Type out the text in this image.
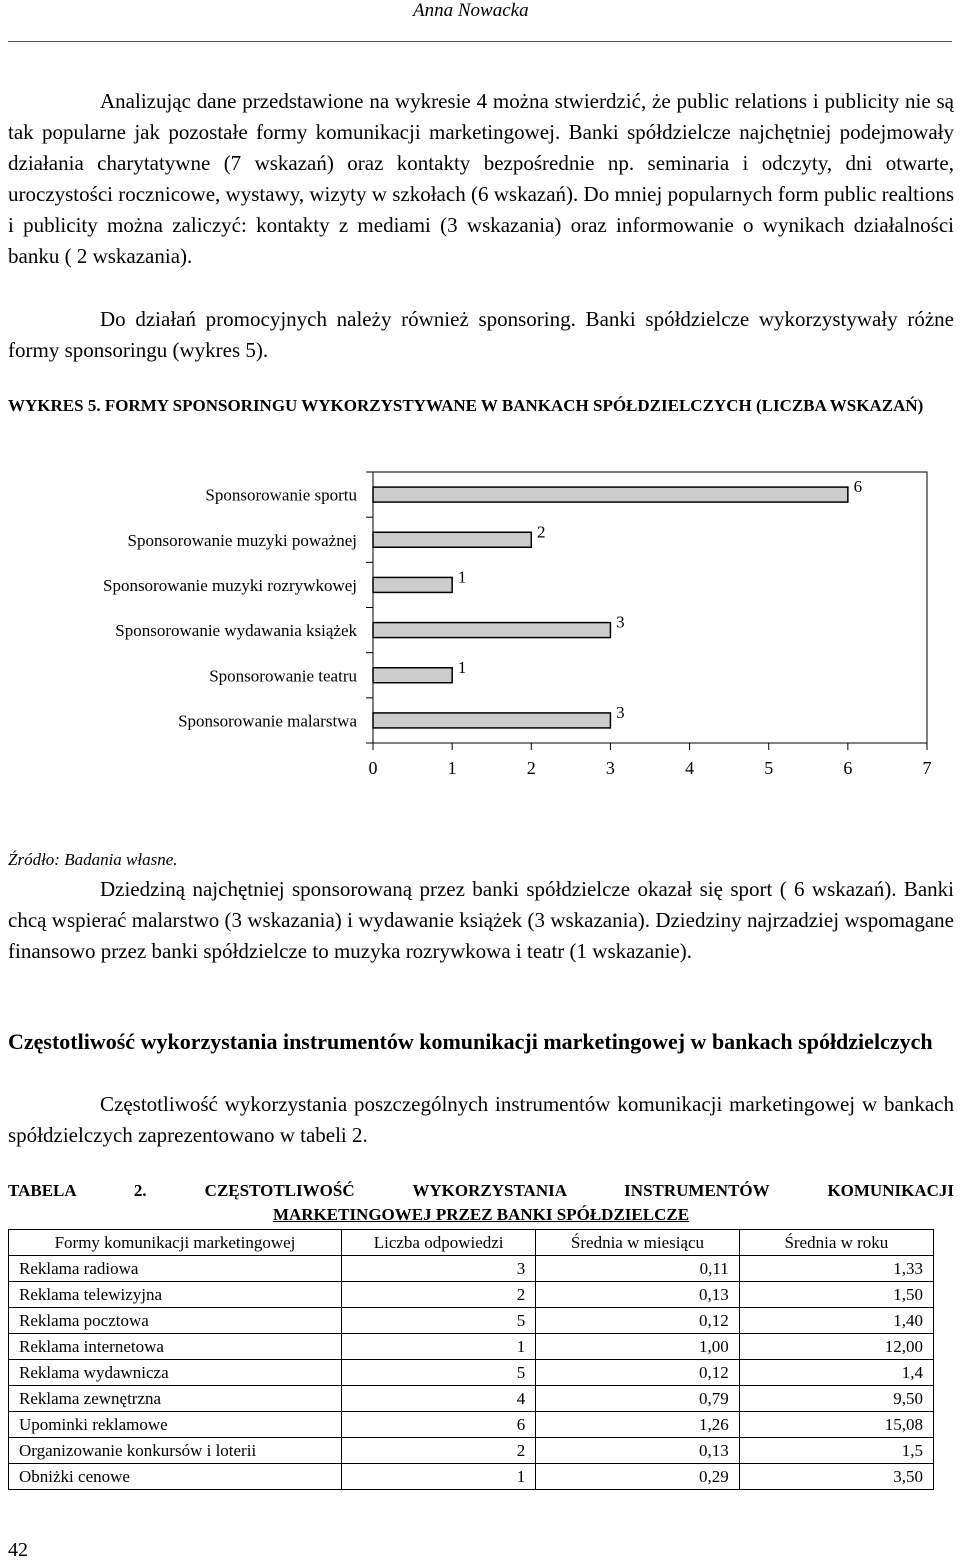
Anna Nowacka

Analizując dane przedstawione na wykresie 4 można stwierdzić, że public relations i publicity nie są tak popularne jak pozostałe formy komunikacji marketingowej. Banki spółdzielcze najchętniej podejmowały działania charytatywne (7 wskazań) oraz kontakty bezpośrednie np. seminaria i odczyty, dni otwarte, uroczystości rocznicowe, wystawy, wizyty w szkołach (6 wskazań). Do mniej popularnych form public realtions i publicity można zaliczyć: kontakty z mediami (3 wskazania) oraz informowanie o wynikach działalności banku ( 2 wskazania).

Do działań promocyjnych należy również sponsoring. Banki spółdzielcze wykorzystywały różne formy sponsoringu (wykres 5).

WYKRES 5. FORMY SPONSORINGU WYKORZYSTYWANE W BANKACH SPÓŁDZIELCZYCH (LICZBA WSKAZAŃ)

0	1	2	3	4	5	6	7
Sponsorowanie sportu	6
Sponsorowanie muzyki poważnej	2
Sponsorowanie muzyki rozrywkowej	1
Sponsorowanie wydawania książek	3
Sponsorowanie teatru	1
Sponsorowanie malarstwa	3
Źródło: Badania własne.

Dziedziną najchętniej sponsorowaną przez banki spółdzielcze okazał się sport ( 6 wskazań). Banki chcą wspierać malarstwo (3 wskazania) i wydawanie książek (3 wskazania). Dziedziny najrzadziej wspomagane finansowo przez banki spółdzielcze to muzyka rozrywkowa i teatr (1 wskazanie).

Częstotliwość wykorzystania instrumentów komunikacji marketingowej w bankach spółdzielczych

Częstotliwość wykorzystania poszczególnych instrumentów komunikacji marketingowej w bankach spółdzielczych zaprezentowano w tabeli 2.

TABELA 2. CZĘSTOTLIWOŚĆ WYKORZYSTANIA INSTRUMENTÓW KOMUNIKACJI
MARKETINGOWEJ PRZEZ BANKI SPÓŁDZIELCZE
Formy komunikacji marketingowej	Liczba odpowiedzi	Średnia w miesiącu	Średnia w roku
Reklama radiowa	3	0,11	1,33
Reklama telewizyjna	2	0,13	1,50
Reklama pocztowa	5	0,12	1,40
Reklama internetowa	1	1,00	12,00
Reklama wydawnicza	5	0,12	1,4
Reklama zewnętrzna	4	0,79	9,50
Upominki reklamowe	6	1,26	15,08
Organizowanie konkursów i loterii	2	0,13	1,5
Obniżki cenowe	1	0,29	3,50
42
